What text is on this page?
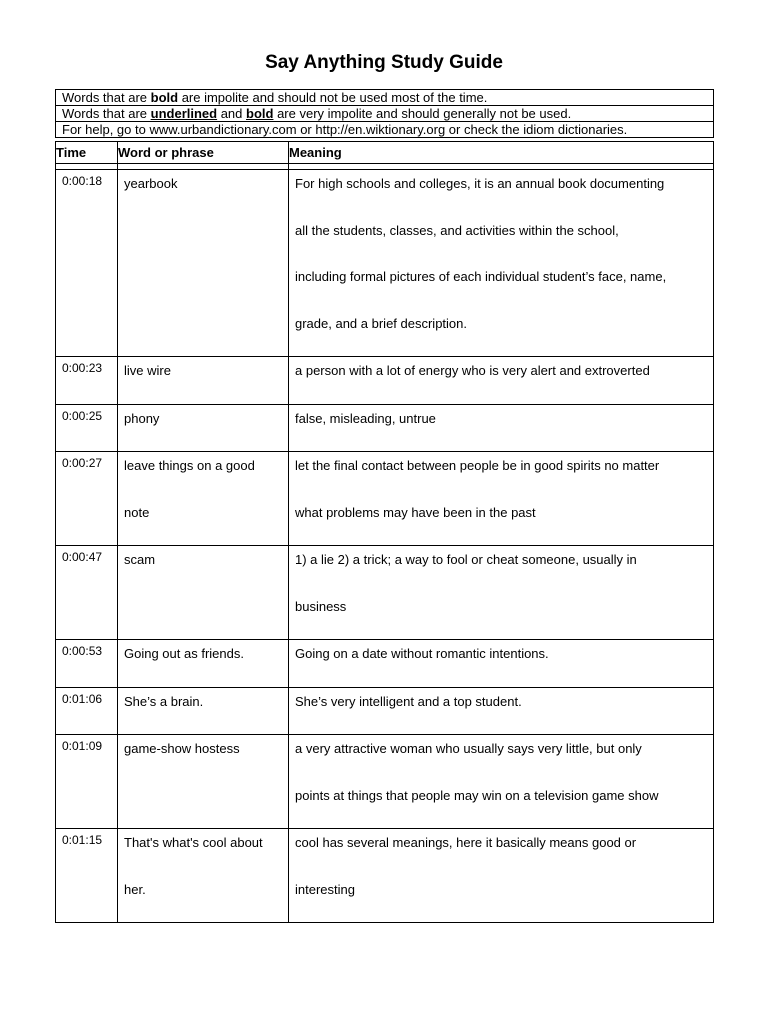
Say Anything Study Guide
Words that are bold are impolite and should not be used most of the time.
Words that are underlined and bold are very impolite and should generally not be used.
For help, go to www.urbandictionary.com or http://en.wiktionary.org or check the idiom dictionaries.
Time	Word or phrase	Meaning

0:00:18	yearbook	For high schools and colleges, it is an annual book documenting
all the students, classes, and activities within the school,
including formal pictures of each individual student’s face, name,
grade, and a brief description.

0:00:23	live wire	a person with a lot of energy who is very alert and extroverted

0:00:25	phony	false, misleading, untrue

0:00:27	leave things on a good
note	let the final contact between people be in good spirits no matter
what problems may have been in the past

0:00:47	scam	1) a lie 2) a trick; a way to fool or cheat someone, usually in
business

0:00:53	Going out as friends.	Going on a date without romantic intentions.

0:01:06	She’s a brain.	She’s very intelligent and a top student.

0:01:09	game-show hostess	a very attractive woman who usually says very little, but only
points at things that people may win on a television game show

0:01:15	That's what's cool about
her.	cool has several meanings, here it basically means good or
interesting
